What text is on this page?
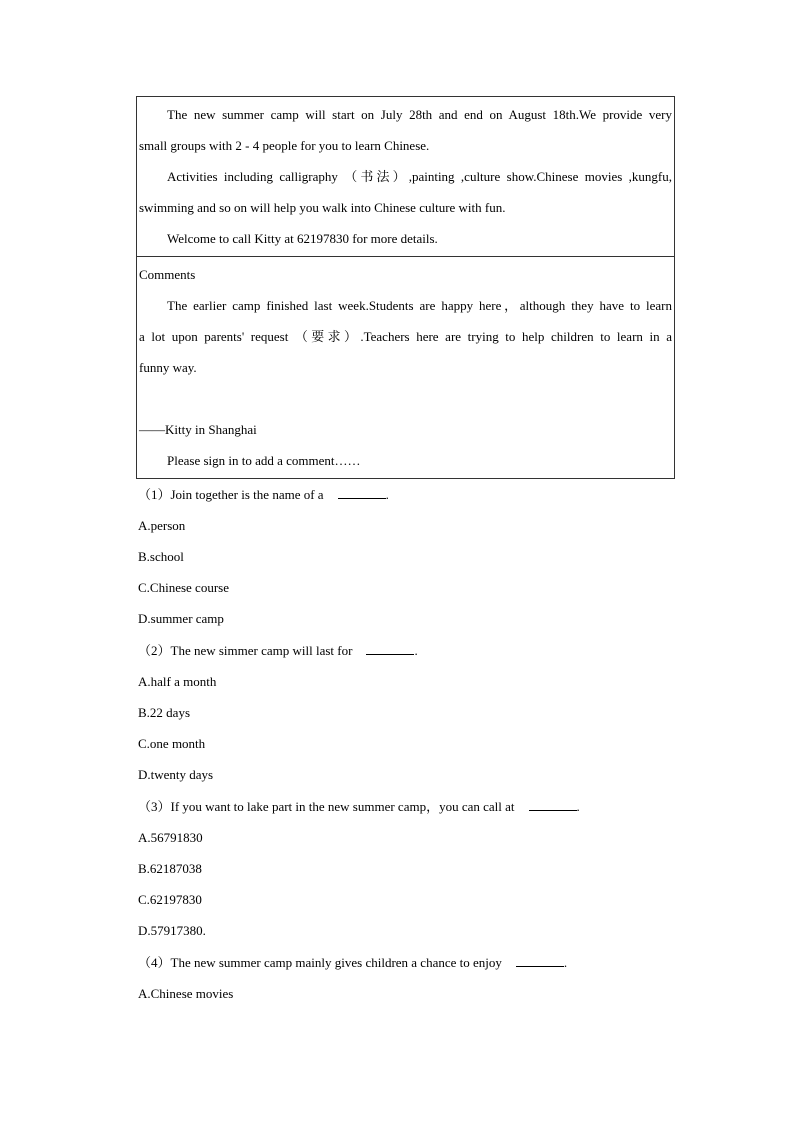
The new summer camp will start on July 28th and end on August 18th.We provide very
small groups with 2 - 4 people for you to learn Chinese.
Activities including calligraphy （书法）,painting ,culture show.Chinese movies ,kungfu,
swimming and so on will help you walk into Chinese culture with fun.
Welcome to call Kitty at 62197830 for more details.
Comments
The earlier camp finished last week.Students are happy here，although they have to learn
a lot upon parents' request （要求）.Teachers here are trying to help children to learn in a
funny way.
——Kitty in Shanghai
Please sign in to add a comment……
（1）Join together is the name of a	.
A.person
B.school
C.Chinese course
D.summer camp
（2）The new simmer camp will last for	.
A.half a month
B.22 days
C.one month
D.twenty days
（3）If you want to lake part in the new summer camp，you can call at	.
A.56791830
B.62187038
C.62197830
D.57917380.
（4）The new summer camp mainly gives children a chance to enjoy	.
A.Chinese movies
